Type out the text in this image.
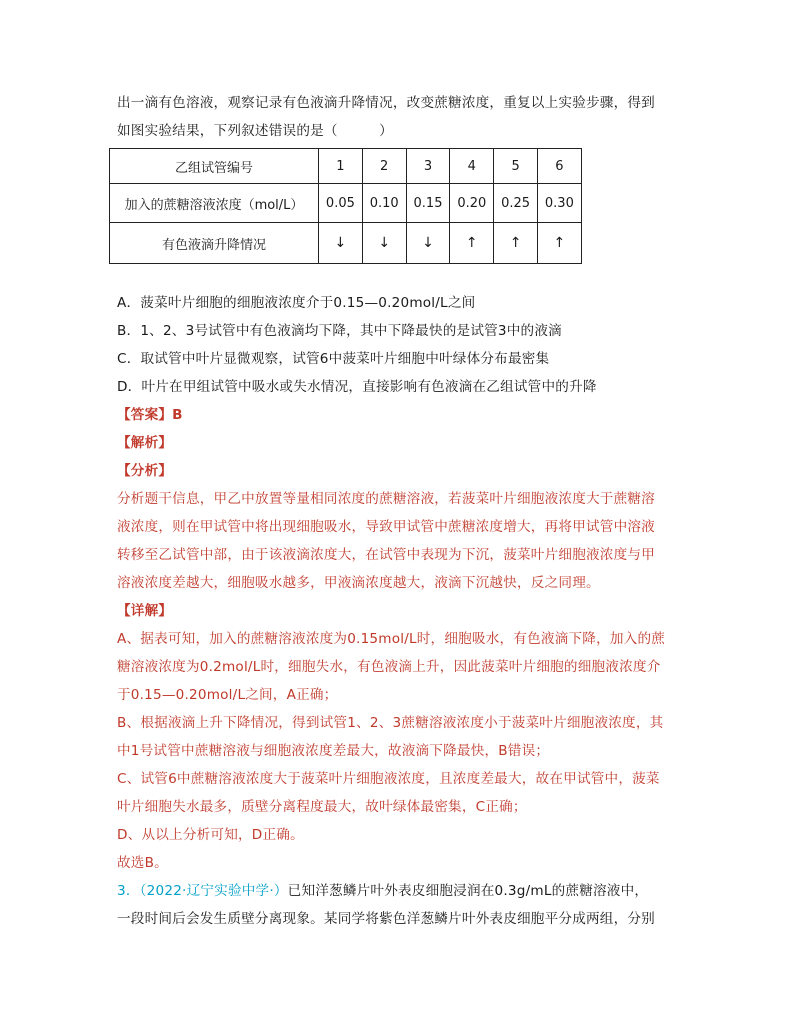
出一滴有色溶液，观察记录有色液滴升降情况，改变蔗糖浓度，重复以上实验步骤，得到
如图实验结果，下列叙述错误的是（　　　）
乙组试管编号	1	2	3	4	5	6
加入的蔗糖溶液浓度（mol/L）	0.05	0.10	0.15	0.20	0.25	0.30
有色液滴升降情况	↓	↓	↓	↑	↑	↑
A．菠菜叶片细胞的细胞液浓度介于0.15—0.20mol/L之间
B．1、2、3号试管中有色液滴均下降，其中下降最快的是试管3中的液滴
C．取试管中叶片显微观察，试管6中菠菜叶片细胞中叶绿体分布最密集
D．叶片在甲组试管中吸水或失水情况，直接影响有色液滴在乙组试管中的升降
【答案】B
【解析】
【分析】
分析题干信息，甲乙中放置等量相同浓度的蔗糖溶液，若菠菜叶片细胞液浓度大于蔗糖溶
液浓度，则在甲试管中将出现细胞吸水，导致甲试管中蔗糖浓度增大，再将甲试管中溶液
转移至乙试管中部，由于该液滴浓度大，在试管中表现为下沉，菠菜叶片细胞液浓度与甲
溶液浓度差越大，细胞吸水越多，甲液滴浓度越大，液滴下沉越快，反之同理。
【详解】
A、据表可知，加入的蔗糖溶液浓度为0.15mol/L时，细胞吸水，有色液滴下降，加入的蔗
糖溶液浓度为0.2mol/L时，细胞失水，有色液滴上升，因此菠菜叶片细胞的细胞液浓度介
于0.15—0.20mol/L之间，A正确；
B、根据液滴上升下降情况，得到试管1、2、3蔗糖溶液浓度小于菠菜叶片细胞液浓度，其
中1号试管中蔗糖溶液与细胞液浓度差最大，故液滴下降最快，B错误；
C、试管6中蔗糖溶液浓度大于菠菜叶片细胞液浓度，且浓度差最大，故在甲试管中，菠菜
叶片细胞失水最多，质壁分离程度最大，故叶绿体最密集，C正确；
D、从以上分析可知，D正确。
故选B。
3．（2022·辽宁实验中学·）已知洋葱鳞片叶外表皮细胞浸润在0.3g/mL的蔗糖溶液中，
一段时间后会发生质壁分离现象。某同学将紫色洋葱鳞片叶外表皮细胞平分成两组，分别
